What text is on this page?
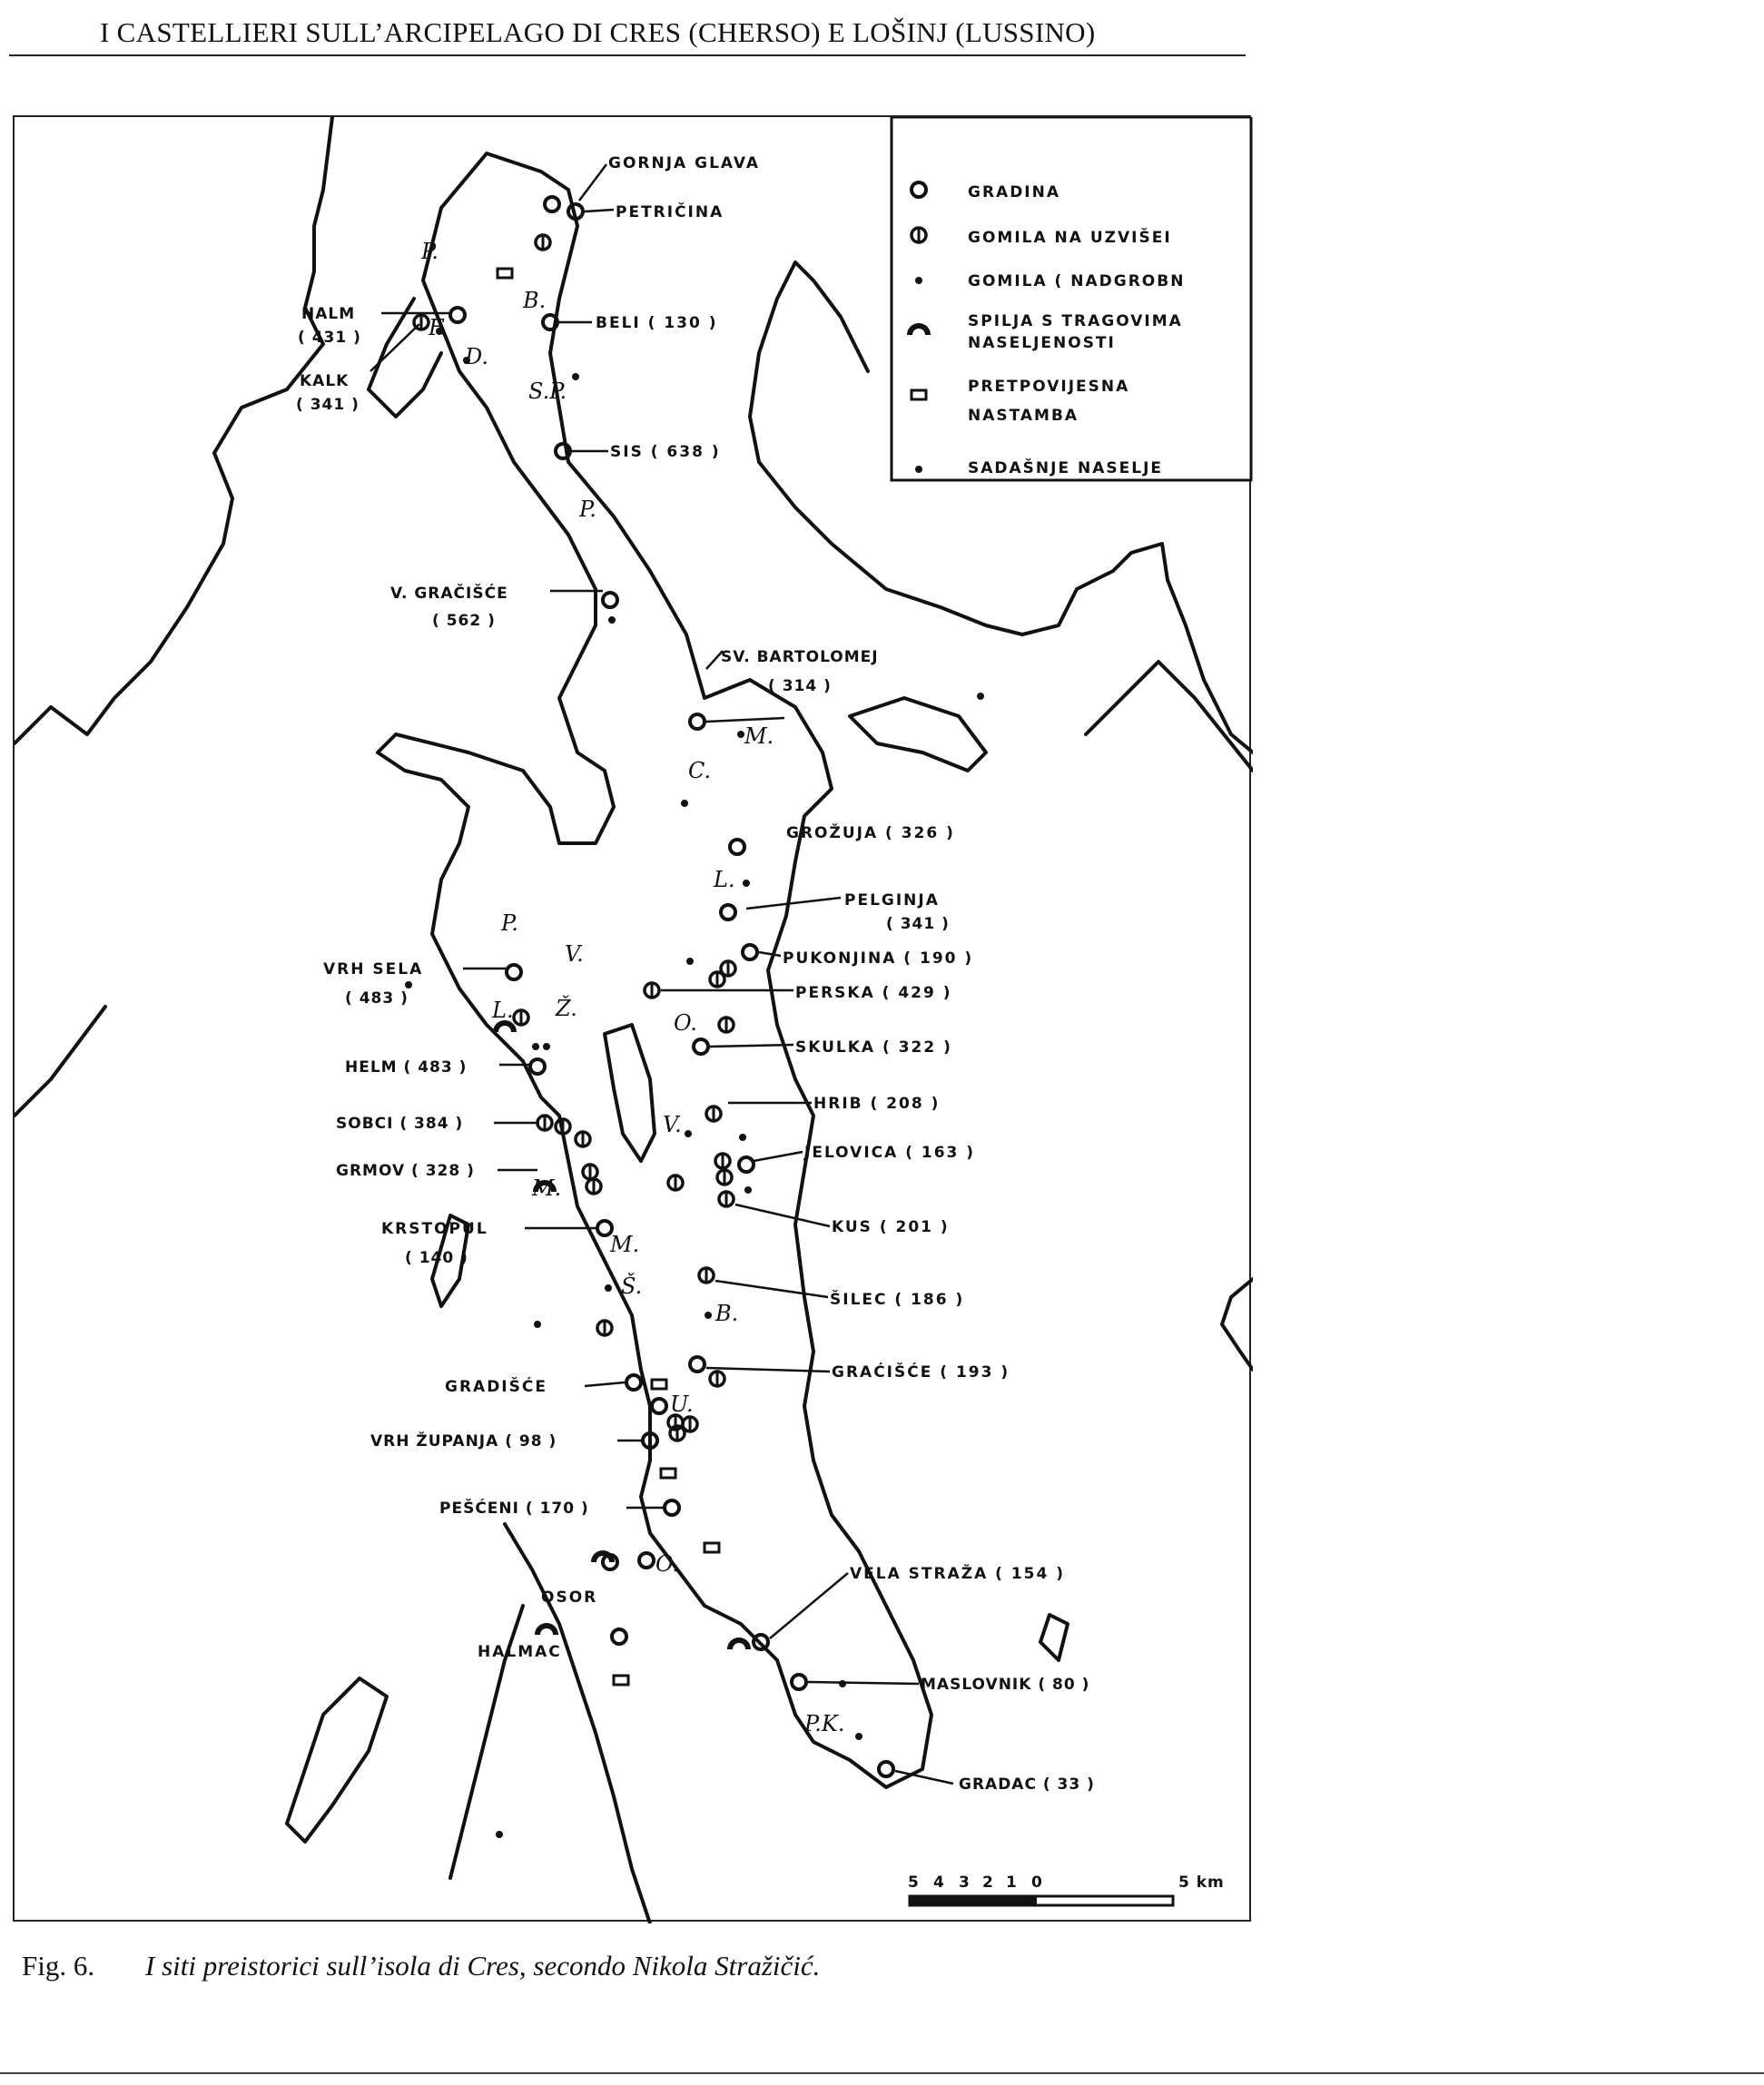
I CASTELLIERI SULL’ARCIPELAGO DI CRES (CHERSO) E LOŠINJ (LUSSINO)
GRADINA
GOMILA NA UZVIŠEI
GOMILA ( NADGROBN
SPILJA S TRAGOVIMA
NASELJENOSTI
PRETPOVIJESNA
NASTAMBA
SADAŠNJE NASELJE
GORNJA GLAVA
PETRIČINA
HALM
( 431 )
KALK
( 341 )
BELI ( 130 )
SIS ( 638 )
V. GRAČIŠĆE
( 562 )
SV. BARTOLOMEJ
( 314 )
GROŽUJA ( 326 )
PELGINJA
( 341 )
PUKONJINA ( 190 )
VRH SELA
( 483 )	PERSKA ( 429 )
SKULKA ( 322 )
HELM ( 483 )
HRIB ( 208 )
SOBCI ( 384 )
JELOVICA ( 163 )
GRMOV ( 328 )
KUS ( 201 )
KRSTOPUL
( 140 )
ŠILEC ( 186 )
GRAĆIŠĆE ( 193 )
GRADIŠĆE
VRH ŽUPANJA ( 98 )
PEŠĆENI ( 170 )
VELA STRAŽA ( 154 )
OSOR
HALMAC
MASLOVNIK ( 80 )
GRADAC ( 33 )
P.
F.
D.
B.
S.P.
P.
M.
C.
L.
P.
V.
L. Ž.
O.
V.
M.
M.
Š.
B.
U.
O.
P.K.
5 4 3 2 1 0	5 km
Fig. 6. I siti preistorici sull’isola di Cres, secondo Nikola Stražičić.
